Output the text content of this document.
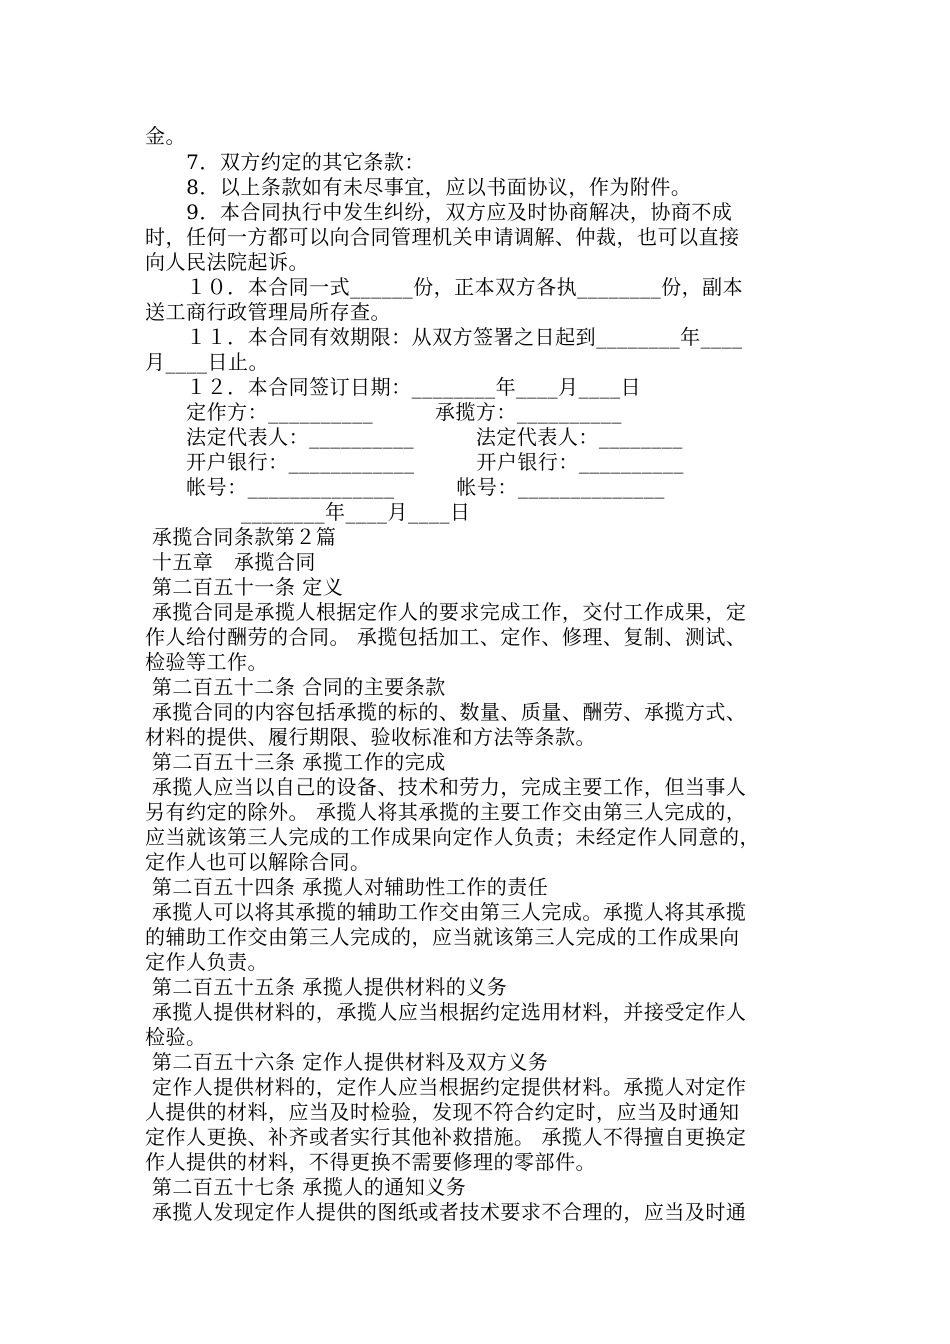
金。
7．双方约定的其它条款：
8．以上条款如有未尽事宜，应以书面协议，作为附件。
9．本合同执行中发生纠纷，双方应及时协商解决，协商不成
时，任何一方都可以向合同管理机关申请调解、仲裁，也可以直接
向人民法院起诉。
１０．本合同一式______份，正本双方各执________份，副本
送工商行政管理局所存查。
１１．本合同有效期限：从双方签署之日起到________年____
月____日止。
１２．本合同签订日期：________年____月____日
定作方：__________         承揽方：__________
法定代表人：__________         法定代表人：________
开户银行：____________         开户银行：__________
帐号：______________         帐号：______________
________年____月____日
承揽合同条款第２篇
十五章　承揽合同
第二百五十一条 定义
承揽合同是承揽人根据定作人的要求完成工作，交付工作成果，定
作人给付酬劳的合同。 承揽包括加工、定作、修理、复制、测试、
检验等工作。
第二百五十二条 合同的主要条款
承揽合同的内容包括承揽的标的、数量、质量、酬劳、承揽方式、
材料的提供、履行期限、验收标准和方法等条款。
第二百五十三条 承揽工作的完成
承揽人应当以自己的设备、技术和劳力，完成主要工作，但当事人
另有约定的除外。 承揽人将其承揽的主要工作交由第三人完成的，
应当就该第三人完成的工作成果向定作人负责；未经定作人同意的，
定作人也可以解除合同。
第二百五十四条 承揽人对辅助性工作的责任
承揽人可以将其承揽的辅助工作交由第三人完成。承揽人将其承揽
的辅助工作交由第三人完成的，应当就该第三人完成的工作成果向
定作人负责。
第二百五十五条 承揽人提供材料的义务
承揽人提供材料的，承揽人应当根据约定选用材料，并接受定作人
检验。
第二百五十六条 定作人提供材料及双方义务
定作人提供材料的，定作人应当根据约定提供材料。承揽人对定作
人提供的材料，应当及时检验，发现不符合约定时，应当及时通知
定作人更换、补齐或者实行其他补救措施。 承揽人不得擅自更换定
作人提供的材料，不得更换不需要修理的零部件。
第二百五十七条 承揽人的通知义务
承揽人发现定作人提供的图纸或者技术要求不合理的，应当及时通
